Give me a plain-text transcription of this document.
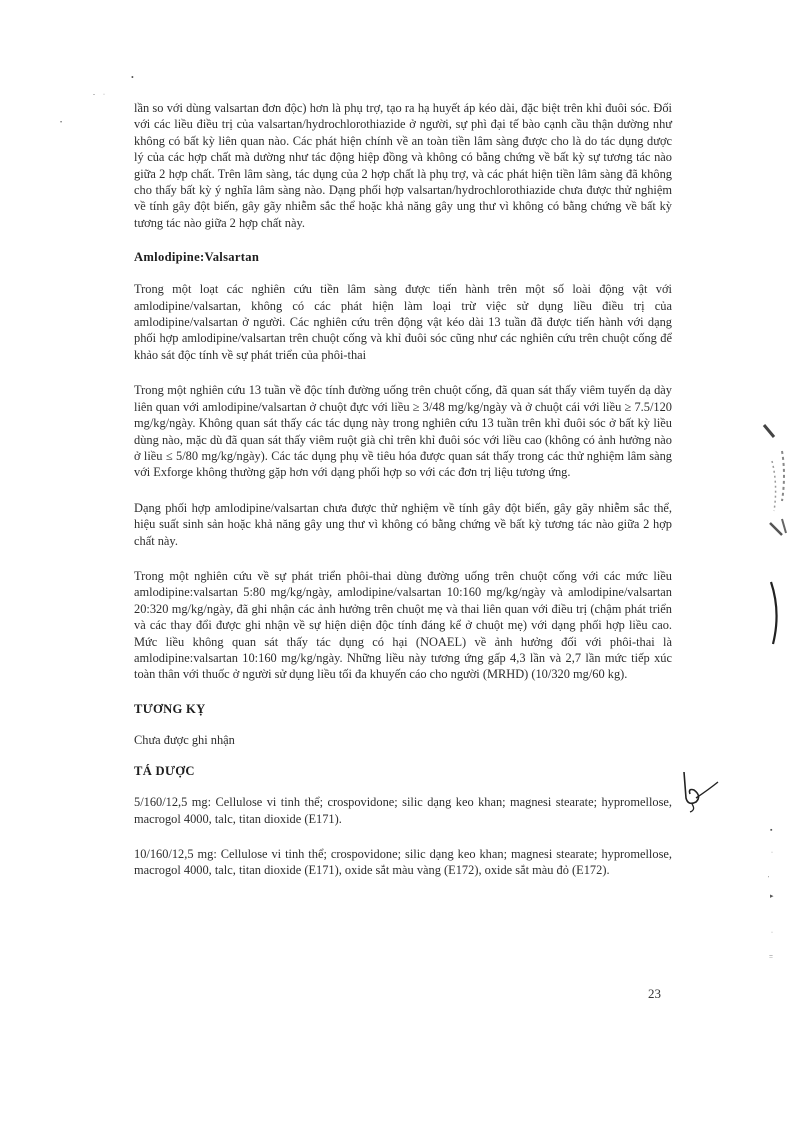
•
- ·
•

lần so với dùng valsartan đơn độc) hơn là phụ trợ, tạo ra hạ huyết áp kéo dài, đặc biệt trên khỉ đuôi sóc. Đối với các liều điều trị của valsartan/hydrochlorothiazide ở người, sự phì đại tế bào cạnh cầu thận dường như không có bất kỳ liên quan nào. Các phát hiện chính về an toàn tiền lâm sàng được cho là do tác dụng dược lý của các hợp chất mà dường như tác động hiệp đồng và không có bằng chứng về bất kỳ sự tương tác nào giữa 2 hợp chất. Trên lâm sàng, tác dụng của 2 hợp chất là phụ trợ, và các phát hiện tiền lâm sàng đã không cho thấy bất kỳ ý nghĩa lâm sàng nào. Dạng phối hợp valsartan/hydrochlorothiazide chưa được thử nghiệm về tính gây đột biến, gây gãy nhiễm sắc thể hoặc khả năng gây ung thư vì không có bằng chứng về bất kỳ tương tác nào giữa 2 hợp chất này.

Amlodipine:Valsartan

Trong một loạt các nghiên cứu tiền lâm sàng được tiến hành trên một số loài động vật với amlodipine/valsartan, không có các phát hiện làm loại trừ việc sử dụng liều điều trị của amlodipine/valsartan ở người. Các nghiên cứu trên động vật kéo dài 13 tuần đã được tiến hành với dạng phối hợp amlodipine/valsartan trên chuột cống và khỉ đuôi sóc cũng như các nghiên cứu trên chuột cống để khảo sát độc tính về sự phát triển của phôi-thai

Trong một nghiên cứu 13 tuần về độc tính đường uống trên chuột cống, đã quan sát thấy viêm tuyến dạ dày liên quan với amlodipine/valsartan ở chuột đực với liều ≥ 3/48 mg/kg/ngày và ở chuột cái với liều ≥ 7.5/120 mg/kg/ngày. Không quan sát thấy các tác dụng này trong nghiên cứu 13 tuần trên khỉ đuôi sóc ở bất kỳ liều dùng nào, mặc dù đã quan sát thấy viêm ruột già chỉ trên khỉ đuôi sóc với liều cao (không có ảnh hưởng nào ở liều ≤ 5/80 mg/kg/ngày). Các tác dụng phụ về tiêu hóa được quan sát thấy trong các thử nghiệm lâm sàng với Exforge không thường gặp hơn với dạng phối hợp so với các đơn trị liệu tương ứng.

Dạng phối hợp amlodipine/valsartan chưa được thử nghiệm về tính gây đột biến, gây gãy nhiễm sắc thể, hiệu suất sinh sản hoặc khả năng gây ung thư vì không có bằng chứng về bất kỳ tương tác nào giữa 2 hợp chất này.

Trong một nghiên cứu về sự phát triển phôi-thai dùng đường uống trên chuột cống với các mức liều amlodipine:valsartan 5:80 mg/kg/ngày, amlodipine/valsartan 10:160 mg/kg/ngày và amlodipine/valsartan 20:320 mg/kg/ngày, đã ghi nhận các ảnh hưởng trên chuột mẹ và thai liên quan với điều trị (chậm phát triển và các thay đổi được ghi nhận về sự hiện diện độc tính đáng kể ở chuột mẹ) với dạng phối hợp liều cao. Mức liều không quan sát thấy tác dụng có hại (NOAEL) về ảnh hưởng đối với phôi-thai là amlodipine:valsartan 10:160 mg/kg/ngày. Những liều này tương ứng gấp 4,3 lần và 2,7 lần mức tiếp xúc toàn thân với thuốc ở người sử dụng liều tối đa khuyến cáo cho người (MRHD) (10/320 mg/60 kg).

TƯƠNG KỴ

Chưa được ghi nhận

TÁ DƯỢC

5/160/12,5 mg: Cellulose vi tinh thể; crospovidone; silic dạng keo khan; magnesi stearate; hypromellose, macrogol 4000, talc, titan dioxide (E171).

10/160/12,5 mg: Cellulose vi tinh thể; crospovidone; silic dạng keo khan; magnesi stearate; hypromellose, macrogol 4000, talc, titan dioxide (E171), oxide sắt màu vàng (E172), oxide sắt màu đỏ (E172).

23
▪
·
'
▸
·
=
